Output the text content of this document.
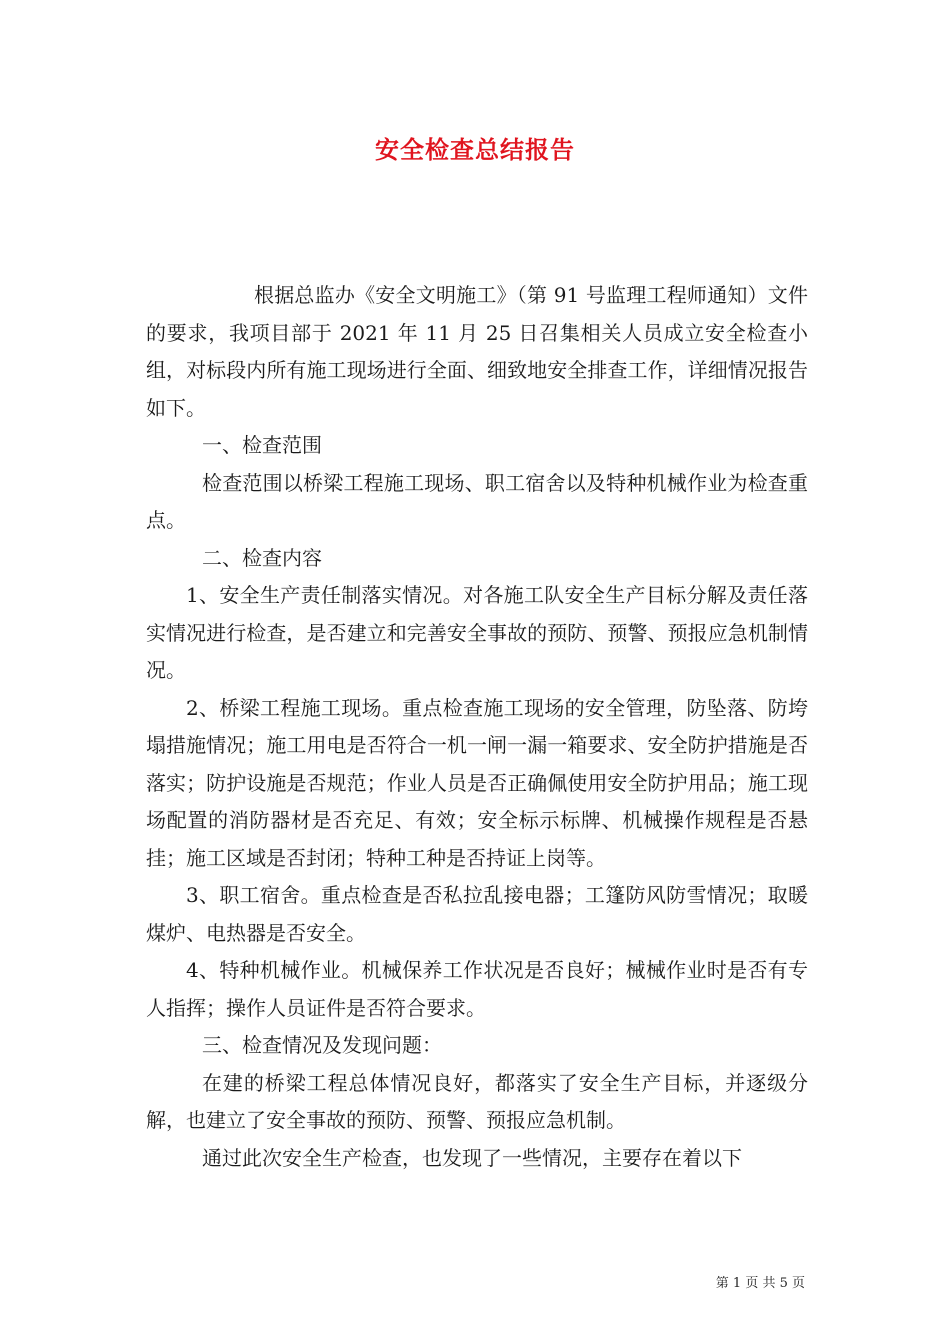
安全检查总结报告

根据总监办《安全文明施工》（第 91 号监理工程师通知）文件的要求，我项目部于 2021 年 11 月 25 日召集相关人员成立安全检查小组，对标段内所有施工现场进行全面、细致地安全排查工作，详细情况报告如下。

一、检查范围

检查范围以桥梁工程施工现场、职工宿舍以及特种机械作业为检查重点。

二、检查内容

1、安全生产责任制落实情况。对各施工队安全生产目标分解及责任落实情况进行检查，是否建立和完善安全事故的预防、预警、预报应急机制情况。

2、桥梁工程施工现场。重点检查施工现场的安全管理，防坠落、防垮塌措施情况；施工用电是否符合一机一闸一漏一箱要求、安全防护措施是否落实；防护设施是否规范；作业人员是否正确佩使用安全防护用品；施工现场配置的消防器材是否充足、有效；安全标示标牌、机械操作规程是否悬挂；施工区域是否封闭；特种工种是否持证上岗等。

3、职工宿舍。重点检查是否私拉乱接电器；工篷防风防雪情况；取暖煤炉、电热器是否安全。

4、特种机械作业。机械保养工作状况是否良好；械械作业时是否有专人指挥；操作人员证件是否符合要求。

三、检查情况及发现问题：

在建的桥梁工程总体情况良好，都落实了安全生产目标，并逐级分解，也建立了安全事故的预防、预警、预报应急机制。

通过此次安全生产检查，也发现了一些情况，主要存在着以下

第 1 页 共 5 页
